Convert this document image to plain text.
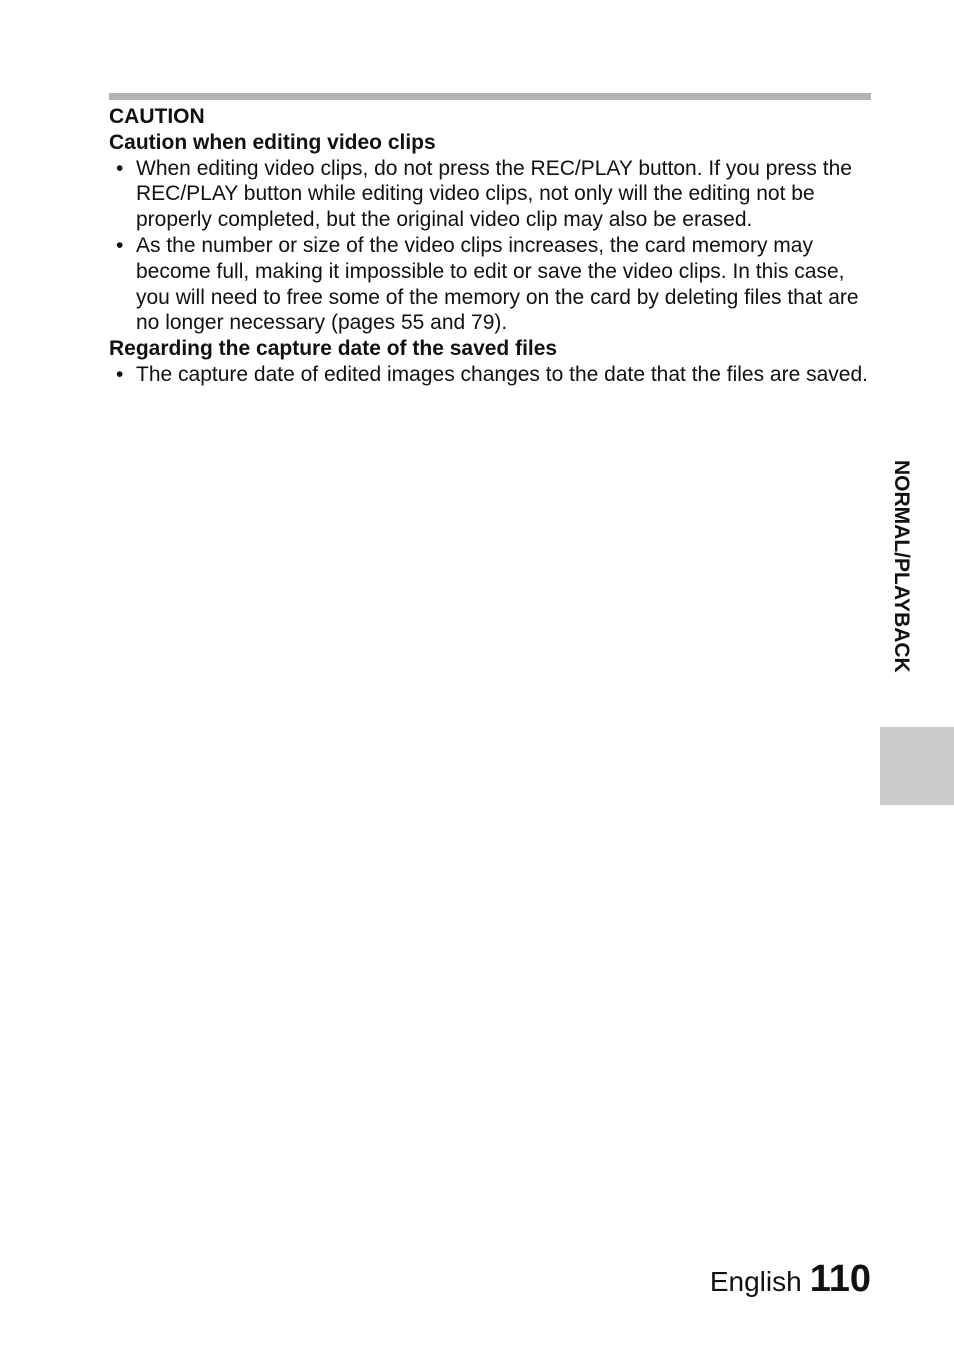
CAUTION
Caution when editing video clips
• When editing video clips, do not press the REC/PLAY button. If you press the REC/PLAY button while editing video clips, not only will the editing not be properly completed, but the original video clip may also be erased.
• As the number or size of the video clips increases, the card memory may become full, making it impossible to edit or save the video clips. In this case, you will need to free some of the memory on the card by deleting files that are no longer necessary (pages 55 and 79).
Regarding the capture date of the saved files
• The capture date of edited images changes to the date that the files are saved.
NORMAL/PLAYBACK
English 110
